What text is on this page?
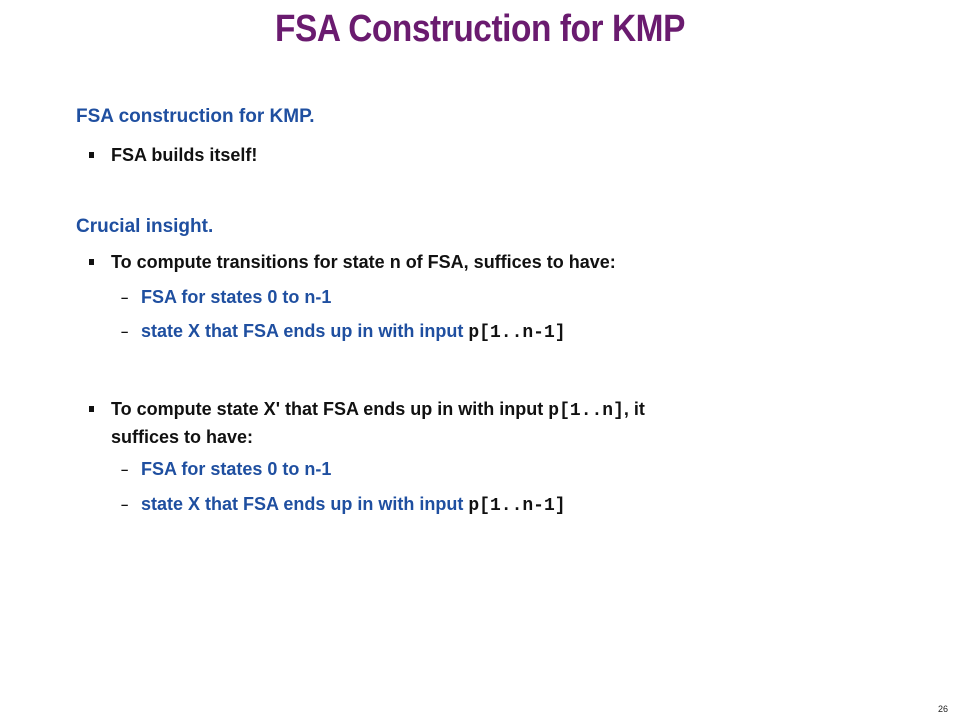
FSA Construction for KMP
FSA construction for KMP.
FSA builds itself!
Crucial insight.
To compute transitions for state n of FSA, suffices to have:
– FSA for states 0 to n-1
– state X that FSA ends up in with input p[1..n-1]
To compute state X' that FSA ends up in with input p[1..n], it
suffices to have:
– FSA for states 0 to n-1
– state X that FSA ends up in with input p[1..n-1]
26
